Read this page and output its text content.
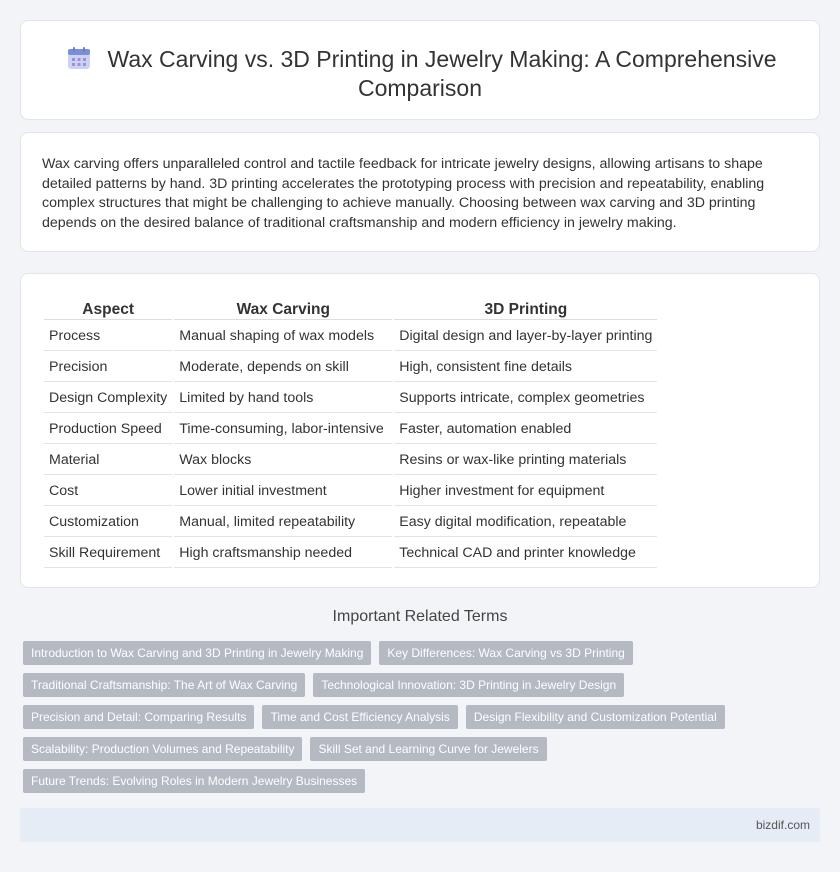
Wax Carving vs. 3D Printing in Jewelry Making: A Comprehensive Comparison

Wax carving offers unparalleled control and tactile feedback for intricate jewelry designs, allowing artisans to shape detailed patterns by hand. 3D printing accelerates the prototyping process with precision and repeatability, enabling complex structures that might be challenging to achieve manually. Choosing between wax carving and 3D printing depends on the desired balance of traditional craftsmanship and modern efficiency in jewelry making.

Aspect	Wax Carving	3D Printing
Process	Manual shaping of wax models	Digital design and layer-by-layer printing
Precision	Moderate, depends on skill	High, consistent fine details
Design Complexity	Limited by hand tools	Supports intricate, complex geometries
Production Speed	Time-consuming, labor-intensive	Faster, automation enabled
Material	Wax blocks	Resins or wax-like printing materials
Cost	Lower initial investment	Higher investment for equipment
Customization	Manual, limited repeatability	Easy digital modification, repeatable
Skill Requirement	High craftsmanship needed	Technical CAD and printer knowledge
Important Related Terms
Introduction to Wax Carving and 3D Printing in Jewelry Making	Key Differences: Wax Carving vs 3D Printing
Traditional Craftsmanship: The Art of Wax Carving	Technological Innovation: 3D Printing in Jewelry Design
Precision and Detail: Comparing Results	Time and Cost Efficiency Analysis	Design Flexibility and Customization Potential
Scalability: Production Volumes and Repeatability	Skill Set and Learning Curve for Jewelers
Future Trends: Evolving Roles in Modern Jewelry Businesses
bizdif.com
